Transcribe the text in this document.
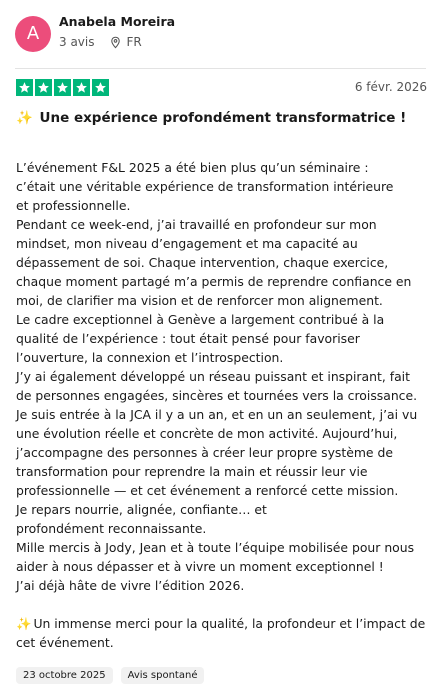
A
Anabela Moreira
3 avis	FR
6 févr. 2026
✨ Une expérience profondément transformatrice !

L’événement F&L 2025 a été bien plus qu’un séminaire :

c’était une véritable expérience de transformation intérieure

et professionnelle.

Pendant ce week-end, j’ai travaillé en profondeur sur mon

mindset, mon niveau d’engagement et ma capacité au

dépassement de soi. Chaque intervention, chaque exercice,

chaque moment partagé m’a permis de reprendre confiance en

moi, de clarifier ma vision et de renforcer mon alignement.

Le cadre exceptionnel à Genève a largement contribué à la

qualité de l’expérience : tout était pensé pour favoriser

l’ouverture, la connexion et l’introspection.

J’y ai également développé un réseau puissant et inspirant, fait

de personnes engagées, sincères et tournées vers la croissance.

Je suis entrée à la JCA il y a un an, et en un an seulement, j’ai vu

une évolution réelle et concrète de mon activité. Aujourd’hui,

j’accompagne des personnes à créer leur propre système de

transformation pour reprendre la main et réussir leur vie

professionnelle — et cet événement a renforcé cette mission.

Je repars nourrie, alignée, confiante… et

profondément reconnaissante.

Mille mercis à Jody, Jean et à toute l’équipe mobilisée pour nous

aider à nous dépasser et à vivre un moment exceptionnel !

J’ai déjà hâte de vivre l’édition 2026.

✨ Un immense merci pour la qualité, la profondeur et l’impact de

cet événement.

23 octobre 2025	Avis spontané
